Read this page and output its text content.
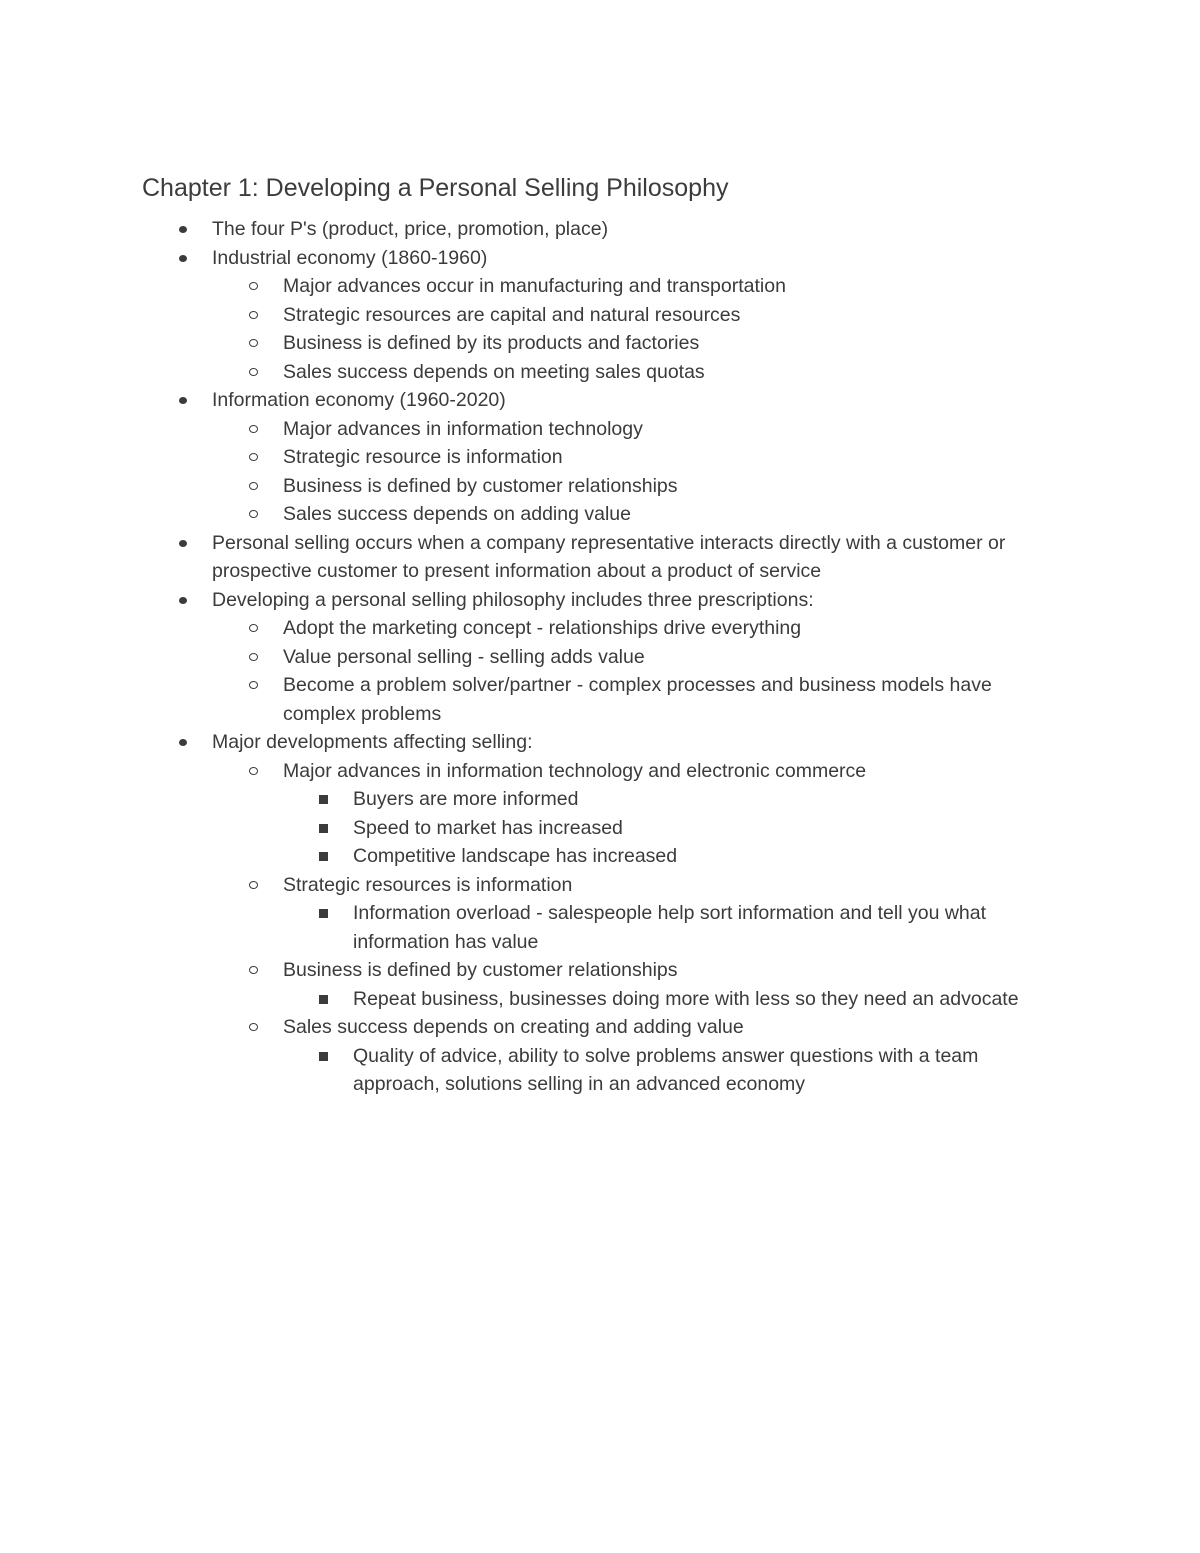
Chapter 1: Developing a Personal Selling Philosophy
The four P's (product, price, promotion, place)
Industrial economy (1860-1960)
Major advances occur in manufacturing and transportation
Strategic resources are capital and natural resources
Business is defined by its products and factories
Sales success depends on meeting sales quotas
Information economy (1960-2020)
Major advances in information technology
Strategic resource is information
Business is defined by customer relationships
Sales success depends on adding value
Personal selling occurs when a company representative interacts directly with a customer or prospective customer to present information about a product of service
Developing a personal selling philosophy includes three prescriptions:
Adopt the marketing concept - relationships drive everything
Value personal selling - selling adds value
Become a problem solver/partner - complex processes and business models have complex problems
Major developments affecting selling:
Major advances in information technology and electronic commerce
Buyers are more informed
Speed to market has increased
Competitive landscape has increased
Strategic resources is information
Information overload - salespeople help sort information and tell you what information has value
Business is defined by customer relationships
Repeat business, businesses doing more with less so they need an advocate
Sales success depends on creating and adding value
Quality of advice, ability to solve problems answer questions with a team approach, solutions selling in an advanced economy
